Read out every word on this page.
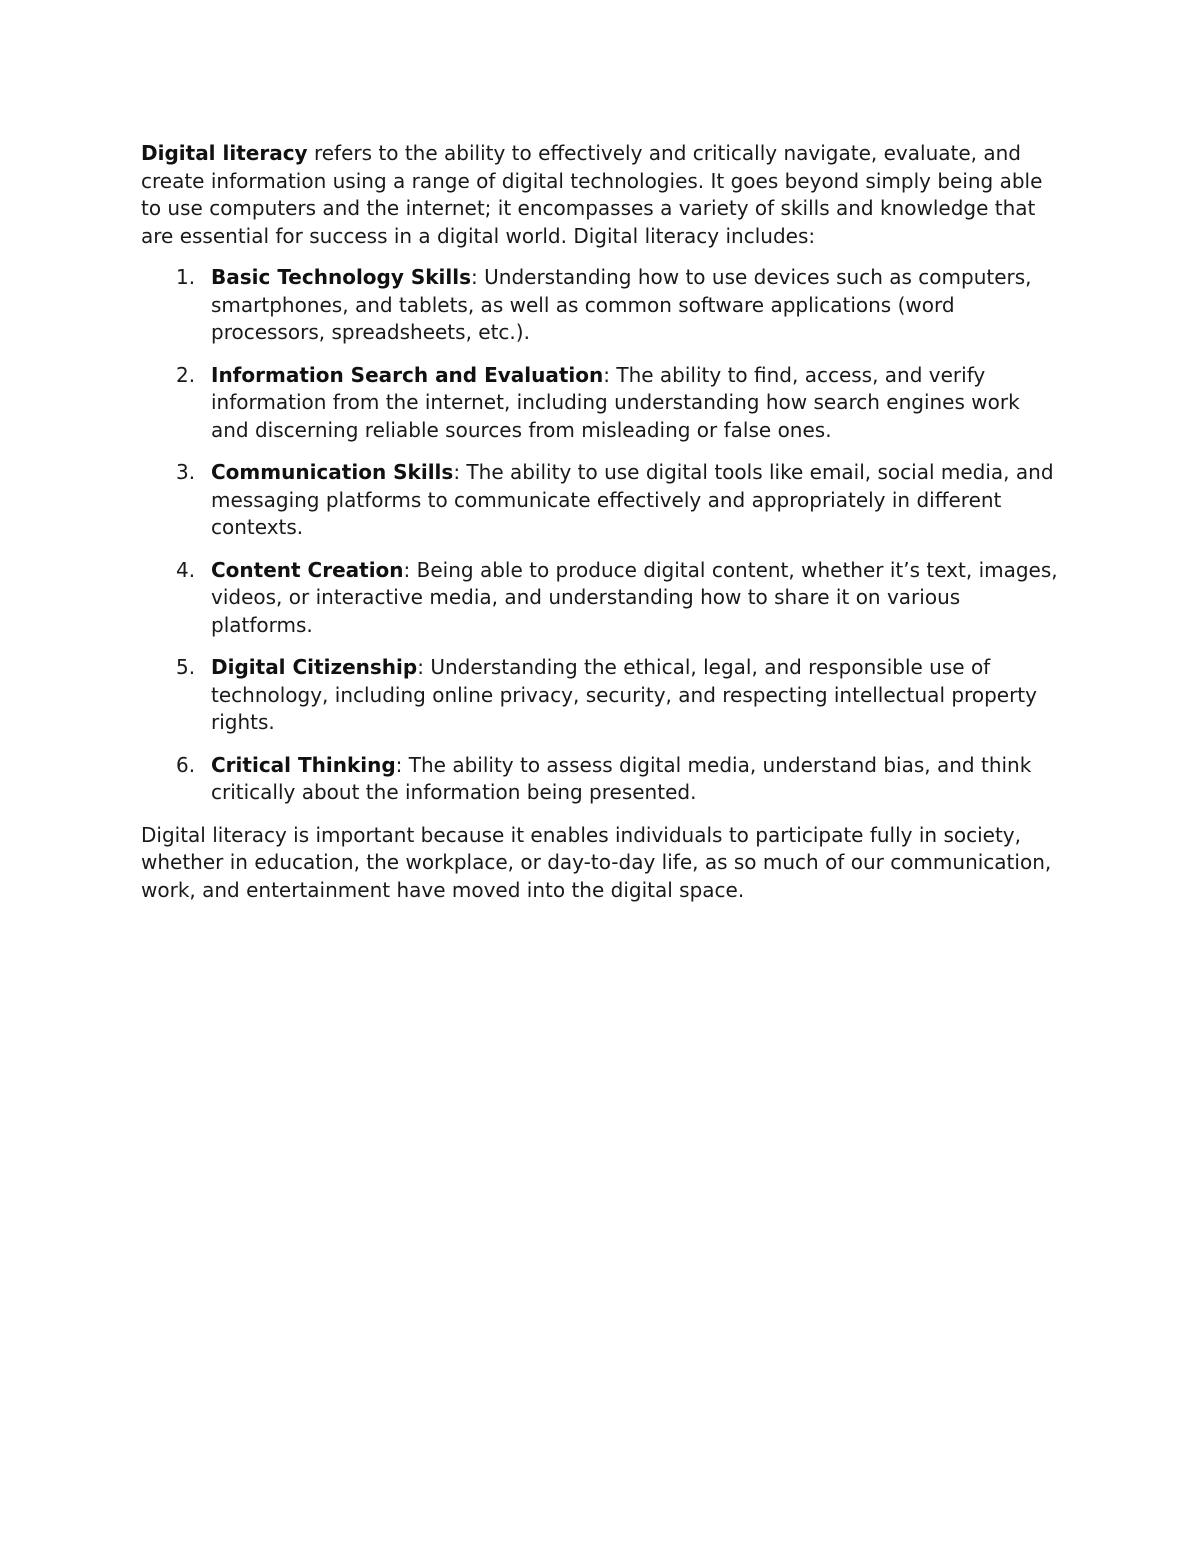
Digital literacy refers to the ability to effectively and critically navigate, evaluate, and create information using a range of digital technologies. It goes beyond simply being able to use computers and the internet; it encompasses a variety of skills and knowledge that are essential for success in a digital world. Digital literacy includes:

1. Basic Technology Skills: Understanding how to use devices such as computers, smartphones, and tablets, as well as common software applications (word processors, spreadsheets, etc.).
2. Information Search and Evaluation: The ability to find, access, and verify information from the internet, including understanding how search engines work and discerning reliable sources from misleading or false ones.
3. Communication Skills: The ability to use digital tools like email, social media, and messaging platforms to communicate effectively and appropriately in different contexts.
4. Content Creation: Being able to produce digital content, whether it’s text, images, videos, or interactive media, and understanding how to share it on various platforms.
5. Digital Citizenship: Understanding the ethical, legal, and responsible use of technology, including online privacy, security, and respecting intellectual property rights.
6. Critical Thinking: The ability to assess digital media, understand bias, and think critically about the information being presented.

Digital literacy is important because it enables individuals to participate fully in society, whether in education, the workplace, or day-to-day life, as so much of our communication, work, and entertainment have moved into the digital space.
